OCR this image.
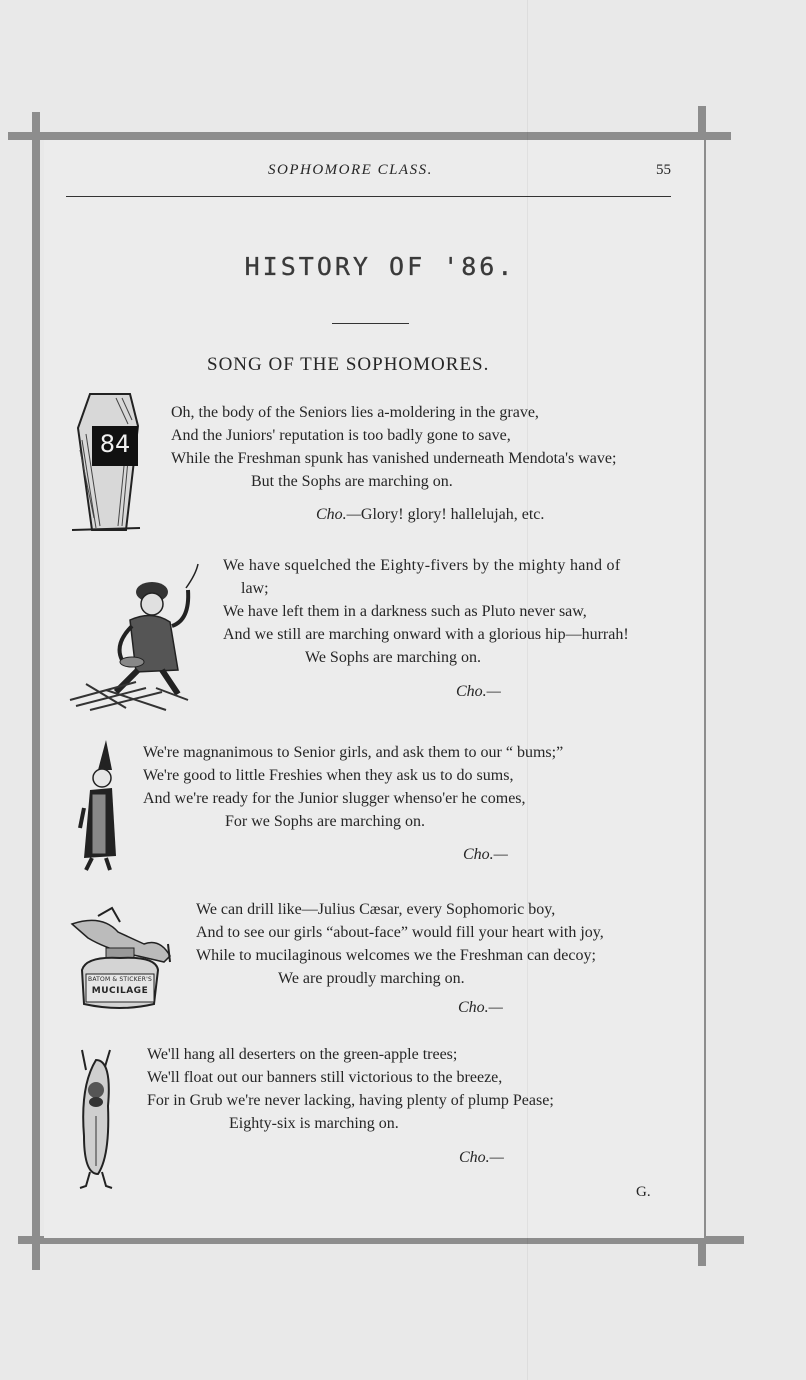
SOPHOMORE CLASS.	55
HISTORY OF '86.
SONG OF THE SOPHOMORES.
84
BATOM & STICKER'S
MUCILAGE
Oh, the body of the Seniors lies a-moldering in the grave,
And the Juniors' reputation is too badly gone to save,
While the Freshman spunk has vanished underneath Mendota's wave;
But the Sophs are marching on.
Cho.—Glory! glory! hallelujah, etc.
We have squelched the Eighty-fivers by the mighty hand of
law;
We have left them in a darkness such as Pluto never saw,
And we still are marching onward with a glorious hip—hurrah!
We Sophs are marching on.
Cho.—
We're magnanimous to Senior girls, and ask them to our “ bums;”
We're good to little Freshies when they ask us to do sums,
And we're ready for the Junior slugger whenso'er he comes,
For we Sophs are marching on.
Cho.—
We can drill like—Julius Cæsar, every Sophomoric boy,
And to see our girls “about-face” would fill your heart with joy,
While to mucilaginous welcomes we the Freshman can decoy;
We are proudly marching on.
Cho.—
We'll hang all deserters on the green-apple trees;
We'll float out our banners still victorious to the breeze,
For in Grub we're never lacking, having plenty of plump Pease;
Eighty-six is marching on.
Cho.—
G.
